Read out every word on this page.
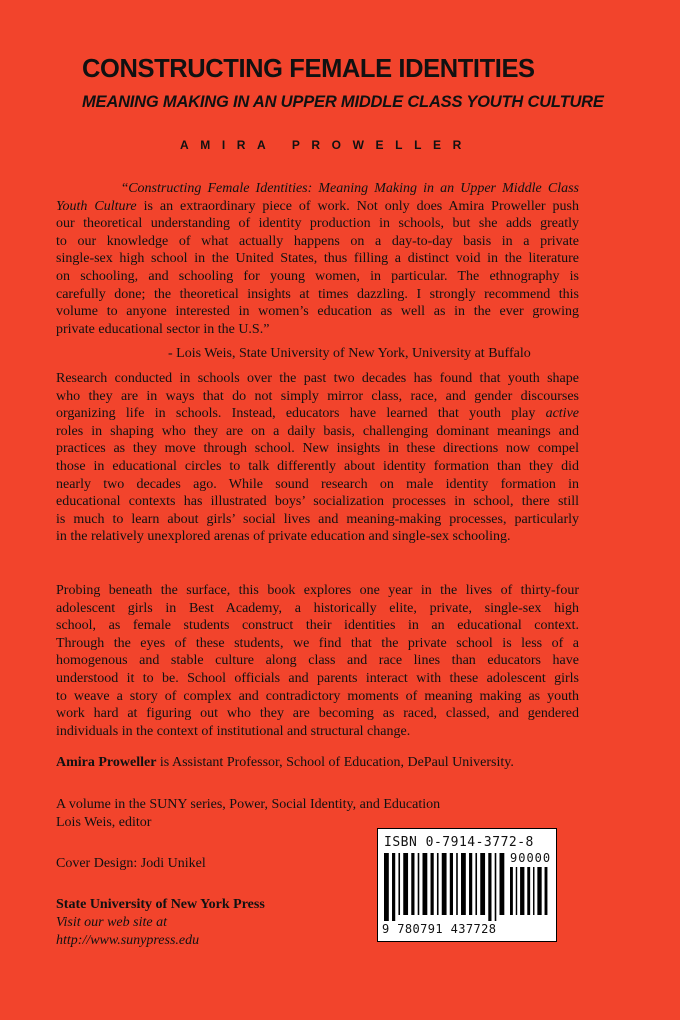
CONSTRUCTING FEMALE IDENTITIES
MEANING MAKING IN AN UPPER MIDDLE CLASS YOUTH CULTURE
AMIRA PROWELLER
“Constructing Female Identities: Meaning Making in an Upper Middle Class
Youth Culture is an extraordinary piece of work. Not only does Amira Proweller push
our theoretical understanding of identity production in schools, but she adds greatly
to our knowledge of what actually happens on a day-to-day basis in a private
single-sex high school in the United States, thus filling a distinct void in the literature
on schooling, and schooling for young women, in particular. The ethnography is
carefully done; the theoretical insights at times dazzling. I strongly recommend this
volume to anyone interested in women’s education as well as in the ever growing
private educational sector in the U.S.”
- Lois Weis, State University of New York, University at Buffalo
Research conducted in schools over the past two decades has found that youth shape
who they are in ways that do not simply mirror class, race, and gender discourses
organizing life in schools. Instead, educators have learned that youth play active
roles in shaping who they are on a daily basis, challenging dominant meanings and
practices as they move through school. New insights in these directions now compel
those in educational circles to talk differently about identity formation than they did
nearly two decades ago. While sound research on male identity formation in
educational contexts has illustrated boys’ socialization processes in school, there still
is much to learn about girls’ social lives and meaning-making processes, particularly
in the relatively unexplored arenas of private education and single-sex schooling.
Probing beneath the surface, this book explores one year in the lives of thirty-four
adolescent girls in Best Academy, a historically elite, private, single-sex high
school, as female students construct their identities in an educational context.
Through the eyes of these students, we find that the private school is less of a
homogenous and stable culture along class and race lines than educators have
understood it to be. School officials and parents interact with these adolescent girls
to weave a story of complex and contradictory moments of meaning making as youth
work hard at figuring out who they are becoming as raced, classed, and gendered
individuals in the context of institutional and structural change.
Amira Proweller is Assistant Professor, School of Education, DePaul University.
A volume in the SUNY series, Power, Social Identity, and Education
Lois Weis, editor
Cover Design: Jodi Unikel
State University of New York Press
Visit our web site at
http://www.sunypress.edu
ISBN 0-7914-3772-8
90000
9 780791 437728
